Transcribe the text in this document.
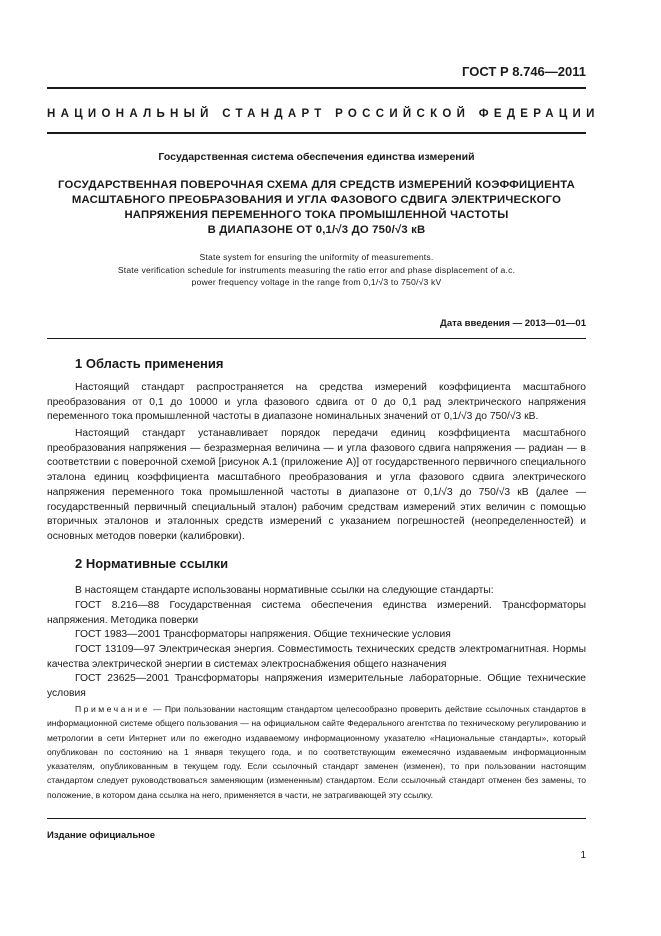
ГОСТ Р 8.746—2011
НАЦИОНАЛЬНЫЙ СТАНДАРТ РОССИЙСКОЙ ФЕДЕРАЦИИ
Государственная система обеспечения единства измерений
ГОСУДАРСТВЕННАЯ ПОВЕРОЧНАЯ СХЕМА ДЛЯ СРЕДСТВ ИЗМЕРЕНИЙ КОЭФФИЦИЕНТА
МАСШТАБНОГО ПРЕОБРАЗОВАНИЯ И УГЛА ФАЗОВОГО СДВИГА ЭЛЕКТРИЧЕСКОГО
НАПРЯЖЕНИЯ ПЕРЕМЕННОГО ТОКА ПРОМЫШЛЕННОЙ ЧАСТОТЫ
В ДИАПАЗОНЕ ОТ 0,1/√3 ДО 750/√3 кВ
State system for ensuring the uniformity of measurements.
State verification schedule for instruments measuring the ratio error and phase displacement of a.c.
power frequency voltage in the range from 0,1/√3 to 750/√3 kV
Дата введения — 2013—01—01
1 Область применения

Настоящий стандарт распространяется на средства измерений коэффициента масштабного преобразования от 0,1 до 10000 и угла фазового сдвига от 0 до 0,1 рад электрического напряжения переменного тока промышленной частоты в диапазоне номинальных значений от 0,1/√3 до 750/√3 кВ.

Настоящий стандарт устанавливает порядок передачи единиц коэффициента масштабного преобразования напряжения — безразмерная величина — и угла фазового сдвига напряжения — радиан — в соответствии с поверочной схемой [рисунок А.1 (приложение А)] от государственного первичного специального эталона единиц коэффициента масштабного преобразования и угла фазового сдвига электрического напряжения переменного тока промышленной частоты в диапазоне от 0,1/√3 до 750/√3 кВ (далее — государственный первичный специальный эталон) рабочим средствам измерений этих величин с помощью вторичных эталонов и эталонных средств измерений с указанием погрешностей (неопределенностей) и основных методов поверки (калибровки).

2 Нормативные ссылки

В настоящем стандарте использованы нормативные ссылки на следующие стандарты:

ГОСТ 8.216—88 Государственная система обеспечения единства измерений. Трансформаторы напряжения. Методика поверки

ГОСТ 1983—2001 Трансформаторы напряжения. Общие технические условия

ГОСТ 13109—97 Электрическая энергия. Совместимость технических средств электромагнитная. Нормы качества электрической энергии в системах электроснабжения общего назначения

ГОСТ 23625—2001 Трансформаторы напряжения измерительные лабораторные. Общие технические условия

Примечание — При пользовании настоящим стандартом целесообразно проверить действие ссылочных стандартов в информационной системе общего пользования — на официальном сайте Федерального агентства по техническому регулированию и метрологии в сети Интернет или по ежегодно издаваемому информационному указателю «Национальные стандарты», который опубликован по состоянию на 1 января текущего года, и по соответствующим ежемесячно издаваемым информационным указателям, опубликованным в текущем году. Если ссылочный стандарт заменен (изменен), то при пользовании настоящим стандартом следует руководствоваться заменяющим (измененным) стандартом. Если ссылочный стандарт отменен без замены, то положение, в котором дана ссылка на него, применяется в части, не затрагивающей эту ссылку.

Издание официальное
1
